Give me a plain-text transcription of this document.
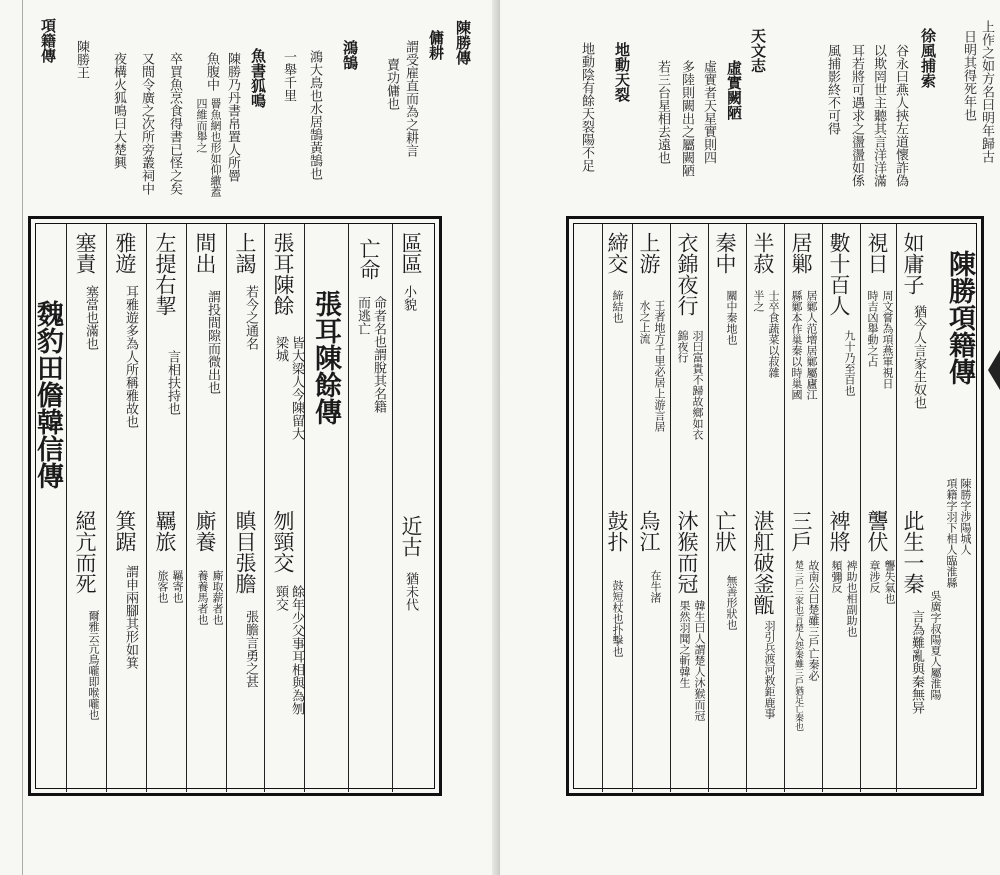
陳勝傳
傭耕
謂受雇直而為之耕言
賣功傭也
鴻鵠
鴻大鳥也水居鵠黃鵠也
一舉千里
魚書狐鳴
陳勝乃丹書帛置人所罾
魚腹中
罾魚網也形如仰繖蓋
四維而舉之
卒買魚烹食得書已怪之矣
又間令廣之次所旁叢祠中
夜構火狐鳴曰大楚興
陳勝王
項籍傳
區區
小貌
近古
猶未代
亡命
命者名也謂脫其名籍
而逃亡
張耳陳餘傳
張耳陳餘
皆大梁人今陳留大
梁城
刎頸交
餘年少父事耳相與為刎
頸交
上謁
若今之通名
瞋目張膽
張膽言勇之甚
間出
謂投間隙而微出也
廝養
廝取薪者也
養養馬者也
左提右挈
言相扶持也
羈旅
羈寄也
旅客也
雅遊
耳雅遊多為人所稱雅故也
箕踞
謂申兩腳其形如箕
塞責
塞當也滿也
絕亢而死
爾雅云亢鳥嚨即喉嚨也
魏豹田儋韓信傳
上作之如方名曰明年歸古
日明其得死年也
徐風捕索
谷永曰燕人挾左道懷詐偽
以欺罔世主聽其言洋洋滿
耳若將可遇求之盪盪如係
風捕影終不可得
天文志
虛實闕陋
虛實者天星實則四
多陸則闕出之屬闕陋
若三台星相去遠也
地動天裂
地動陰有餘天裂陽不足
陳勝項籍傳
陳勝字涉陽城人
項籍字羽下相人臨淮縣
吳廣字叔陽夏人屬淮陽
如庸子
猶今人言家生奴也
此生一秦
言為難亂與秦無异
視日
周文嘗為項燕軍視日
時吉凶舉動之占
讋伏
讋失氣也
章涉反
數十百人
九十乃至百也
裨將
裨助也相副助也
頻彌反
居鄛
居鄛人范增居鄛屬廬江
縣鄛本作巢秦以時巢國
三戶
故南公曰楚雖三戶亡秦必
楚三戶三家也言楚人怨秦雖三戶猶足亡秦也
半菽
士卒食蔬菜以菽雜
半之
湛舡破釜甑
羽引兵渡河救鉅鹿事
秦中
關中秦地也
亡狀
無善形狀也
衣錦夜行
羽曰富貴不歸故鄉如衣
錦夜行
沐猴而冠
韓生曰人謂楚人沐猴而冠
果然羽聞之斬韓生
上游
王者地方千里必居上游言居
水之上流
烏江
在牛渚
締交
締結也
鼓扑
鼓短杖也扑擊也
